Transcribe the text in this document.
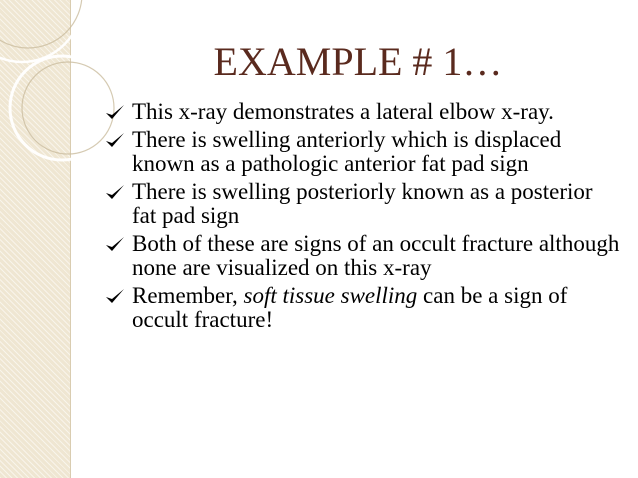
EXAMPLE # 1…
This x-ray demonstrates a lateral elbow x-ray.
There is swelling anteriorly which is displaced known as a pathologic anterior fat pad sign
There is swelling posteriorly known as a posterior fat pad sign
Both of these are signs of an occult fracture although none are visualized on this x-ray
Remember, soft tissue swelling can be a sign of occult fracture!
